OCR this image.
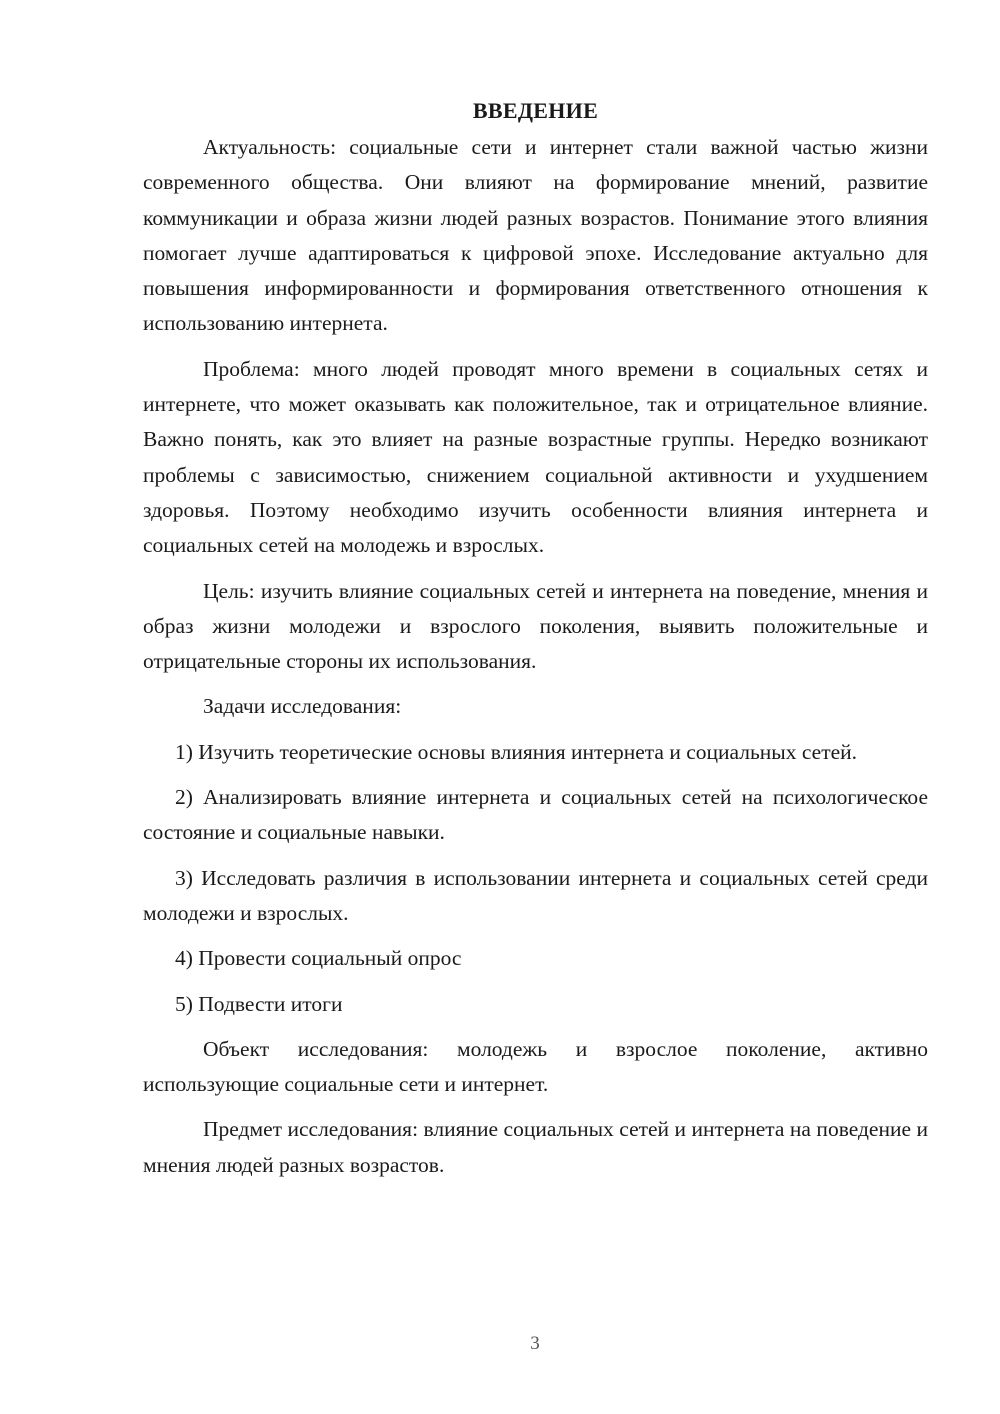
ВВЕДЕНИЕ

Актуальность: социальные сети и интернет стали важной частью жизни современного общества. Они влияют на формирование мнений, развитие коммуникации и образа жизни людей разных возрастов. Понимание этого влияния помогает лучше адаптироваться к цифровой эпохе. Исследование актуально для повышения информированности и формирования ответственного отношения к использованию интернета.

Проблема: много людей проводят много времени в социальных сетях и интернете, что может оказывать как положительное, так и отрицательное влияние. Важно понять, как это влияет на разные возрастные группы. Нередко возникают проблемы с зависимостью, снижением социальной активности и ухудшением здоровья. Поэтому необходимо изучить особенности влияния интернета и социальных сетей на молодежь и взрослых.

Цель: изучить влияние социальных сетей и интернета на поведение, мнения и образ жизни молодежи и взрослого поколения, выявить положительные и отрицательные стороны их использования.

Задачи исследования:

1) Изучить теоретические основы влияния интернета и социальных сетей.

2) Анализировать влияние интернета и социальных сетей на психологическое состояние и социальные навыки.

3) Исследовать различия в использовании интернета и социальных сетей среди молодежи и взрослых.

4) Провести социальный опрос

5) Подвести итоги

Объект исследования: молодежь и взрослое поколение, активно использующие социальные сети и интернет.

Предмет исследования: влияние социальных сетей и интернета на поведение и мнения людей разных возрастов.

3
